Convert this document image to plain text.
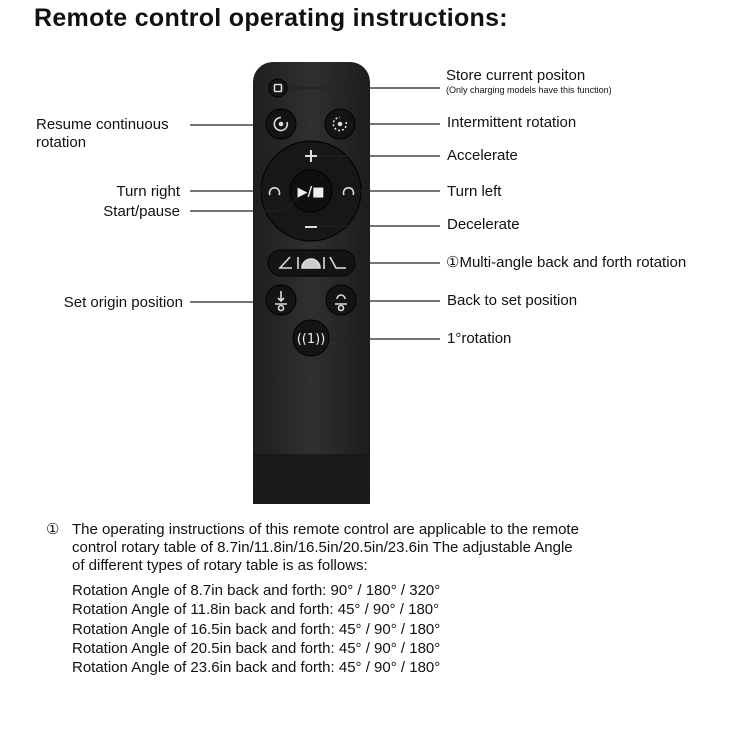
Remote control operating instructions:
▶/■
((1))
Store current positon
(Only charging models have this function)
Resume continuous
rotation
Intermittent rotation
Accelerate
Turn right
Start/pause
Turn left
Decelerate
①Multi-angle back and forth rotation
Set origin position	Back to set position
1°rotation
① The operating instructions of this remote control are applicable to the remote
control rotary table of 8.7in/11.8in/16.5in/20.5in/23.6in The adjustable Angle
of different types of rotary table is as follows:
Rotation Angle of 8.7in back and forth: 90° / 180° / 320°
Rotation Angle of 11.8in back and forth: 45° / 90° / 180°
Rotation Angle of 16.5in back and forth: 45° / 90° / 180°
Rotation Angle of 20.5in back and forth: 45° / 90° / 180°
Rotation Angle of 23.6in back and forth: 45° / 90° / 180°
